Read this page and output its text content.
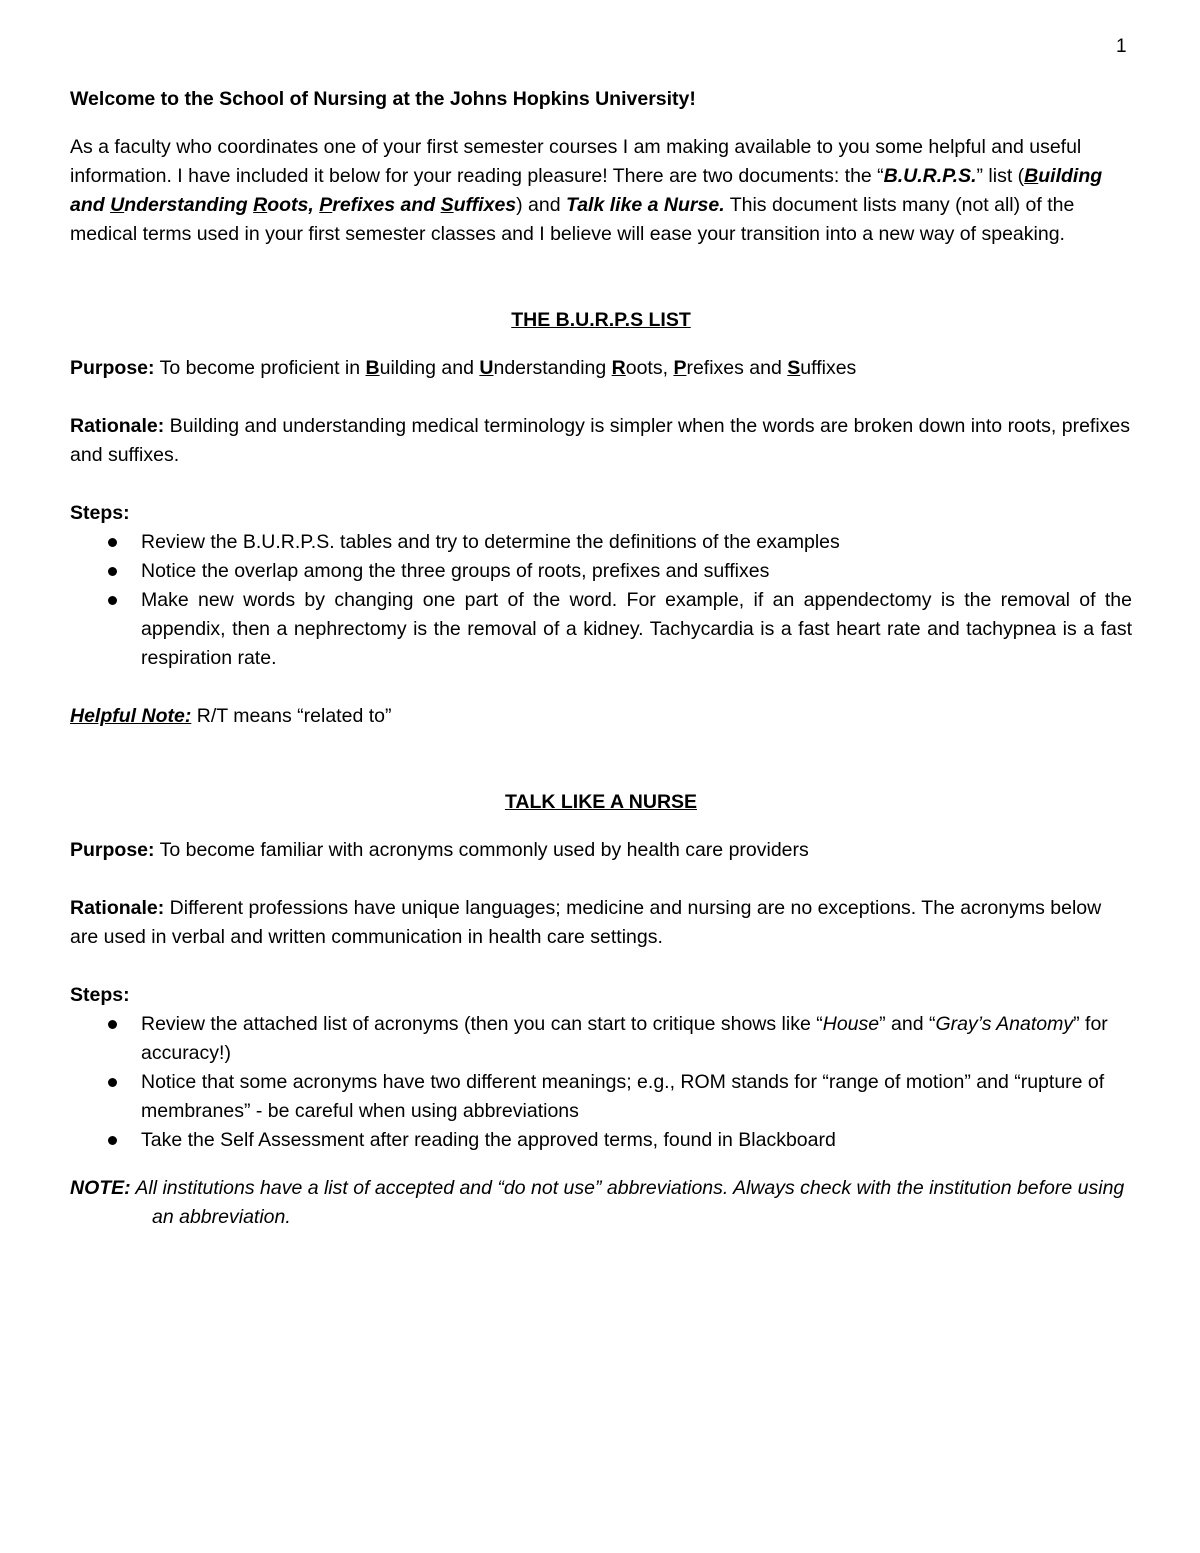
1

Welcome to the School of Nursing at the Johns Hopkins University!

As a faculty who coordinates one of your first semester courses I am making available to you some helpful and useful information. I have included it below for your reading pleasure! There are two documents: the “B.U.R.P.S.” list (Building and Understanding Roots, Prefixes and Suffixes) and Talk like a Nurse. This document lists many (not all) of the medical terms used in your first semester classes and I believe will ease your transition into a new way of speaking.

THE B.U.R.P.S LIST

Purpose: To become proficient in Building and Understanding Roots, Prefixes and Suffixes

Rationale: Building and understanding medical terminology is simpler when the words are broken down into roots, prefixes and suffixes.

Steps:

Review the B.U.R.P.S. tables and try to determine the definitions of the examples
Notice the overlap among the three groups of roots, prefixes and suffixes
Make new words by changing one part of the word. For example, if an appendectomy is the removal of the appendix, then a nephrectomy is the removal of a kidney. Tachycardia is a fast heart rate and tachypnea is a fast respiration rate.

Helpful Note: R/T means “related to”

TALK LIKE A NURSE

Purpose: To become familiar with acronyms commonly used by health care providers

Rationale: Different professions have unique languages; medicine and nursing are no exceptions. The acronyms below are used in verbal and written communication in health care settings.

Steps:

Review the attached list of acronyms (then you can start to critique shows like “House” and “Gray’s Anatomy” for accuracy!)
Notice that some acronyms have two different meanings; e.g., ROM stands for “range of motion” and “rupture of membranes” - be careful when using abbreviations
Take the Self Assessment after reading the approved terms, found in Blackboard

NOTE: All institutions have a list of accepted and “do not use” abbreviations. Always check with the institution before using an abbreviation.
